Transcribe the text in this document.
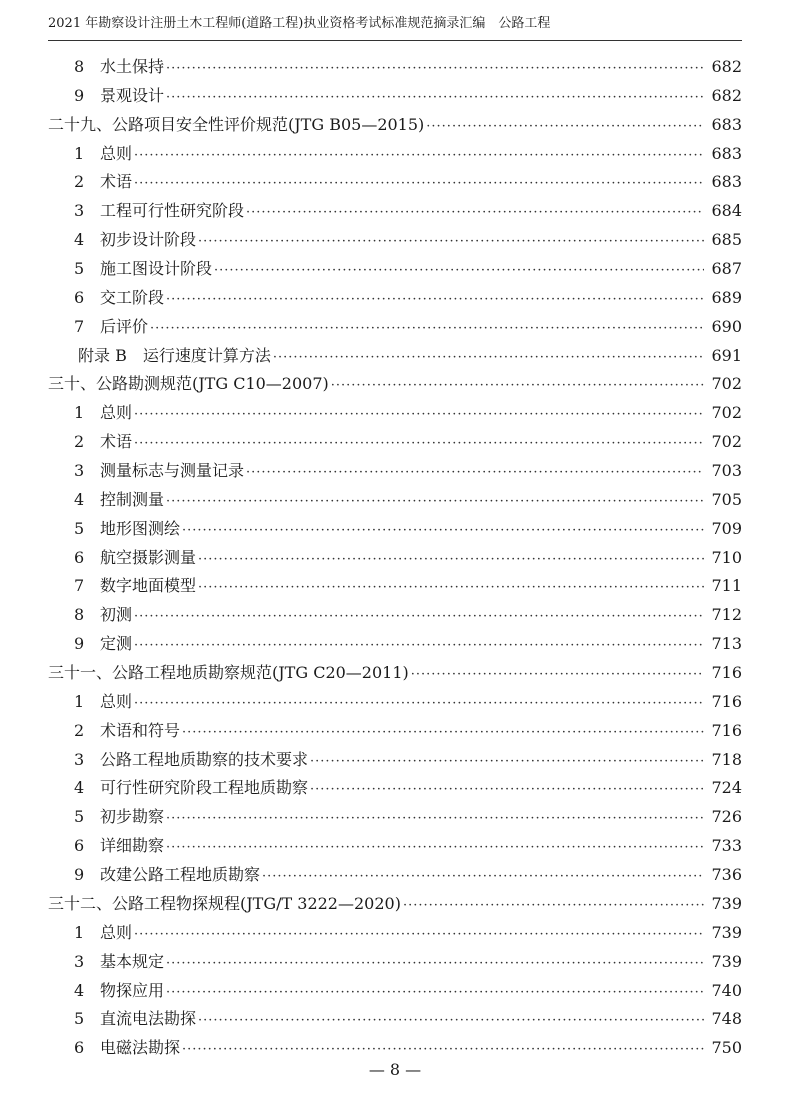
2021 年勘察设计注册土木工程师(道路工程)执业资格考试标准规范摘录汇编　公路工程
8 水土保持 ·····	682
9 景观设计 ·····	682
二十九、公路项目安全性评价规范(JTG B05—2015) ·····	683
1 总则 ·····	683
2 术语 ·····	683
3 工程可行性研究阶段 ·····	684
4 初步设计阶段 ·····	685
5 施工图设计阶段 ·····	687
6 交工阶段 ·····	689
7 后评价 ·····	690
附录 B　运行速度计算方法 ·····	691
三十、公路勘测规范(JTG C10—2007) ·····	702
1 总则 ·····	702
2 术语 ·····	702
3 测量标志与测量记录 ·····	703
4 控制测量 ·····	705
5 地形图测绘 ·····	709
6 航空摄影测量 ·····	710
7 数字地面模型 ·····	711
8 初测 ·····	712
9 定测 ·····	713
三十一、公路工程地质勘察规范(JTG C20—2011) ·····	716
1 总则 ·····	716
2 术语和符号 ·····	716
3 公路工程地质勘察的技术要求 ·····	718
4 可行性研究阶段工程地质勘察 ·····	724
5 初步勘察 ·····	726
6 详细勘察 ·····	733
9 改建公路工程地质勘察 ·····	736
三十二、公路工程物探规程(JTG/T 3222—2020) ·····	739
1 总则 ·····	739
3 基本规定 ·····	739
4 物探应用 ·····	740
5 直流电法勘探 ·····	748
6 电磁法勘探 ·····	750
— 8 —
